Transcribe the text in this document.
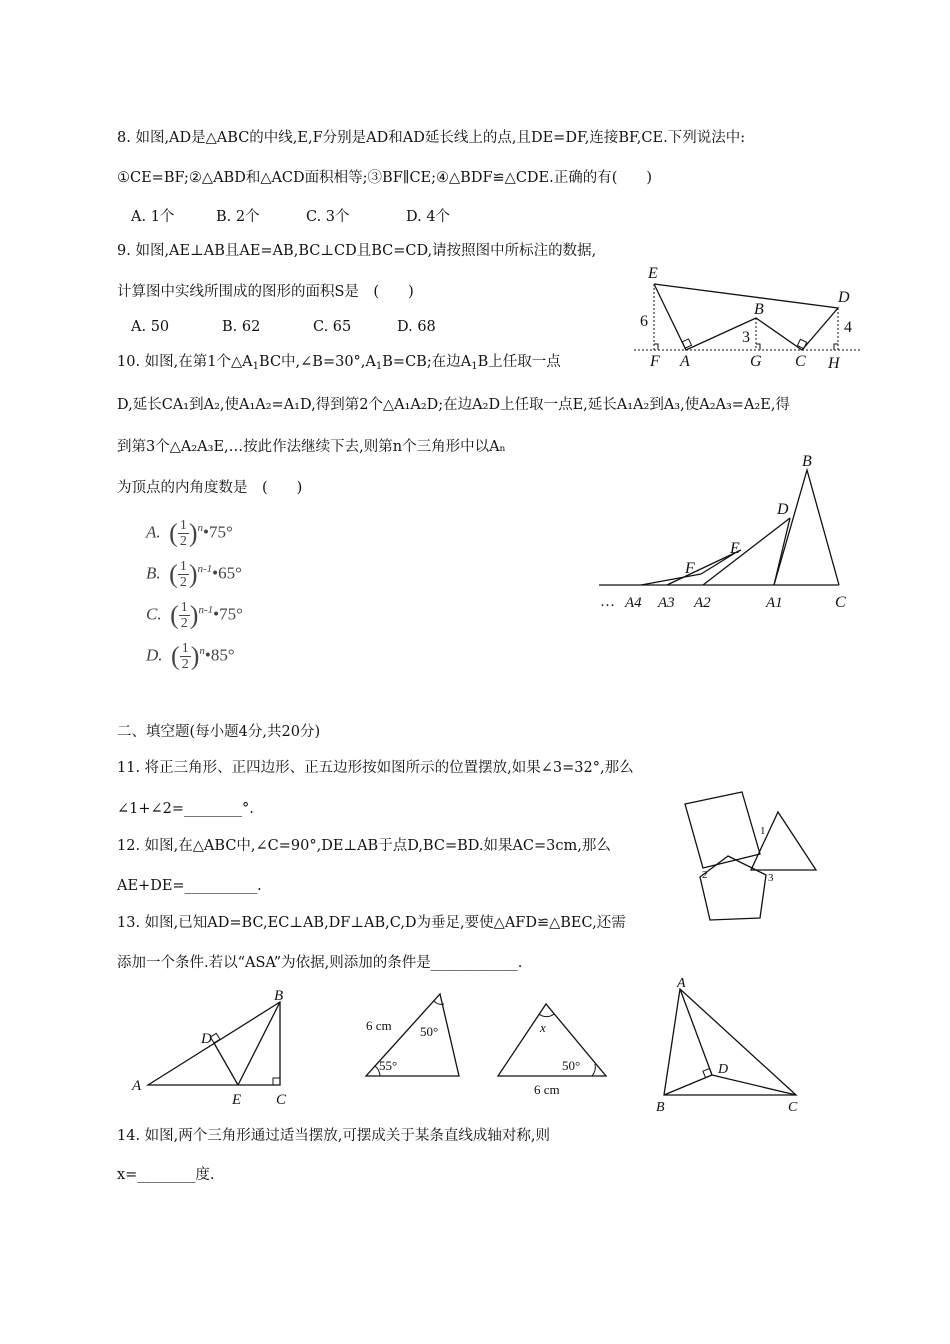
8. 如图,AD是△ABC的中线,E,F分别是AD和AD延长线上的点,且DE=DF,连接BF,CE.下列说法中:
①CE=BF;②△ABD和△ACD面积相等;③BF∥CE;④△BDF≌△CDE.正确的有(　　)
A. 1个	B. 2个	C. 3个	D. 4个
9. 如图,AE⊥AB且AE=AB,BC⊥CD且BC=CD,请按照图中所标注的数据,
计算图中实线所围成的图形的面积S是　(　　)
A. 50	B. 62	C. 65	D. 68
E
D
B
F A	G C H
6
3
4
10. 如图,在第1个$\triangle A_1BC$中$,\angle B=30^\circ,A_1B=CB$;在边$A_1B$上任取一点
D,延长CA₁到A₂,使A₁A₂=A₁D,得到第2个△A₁A₂D;在边A₂D上任取一点E,延长A₁A₂到A₃,使A₂A₃=A₂E,得
到第3个△A₂A₃E,…按此作法继续下去,则第n个三角形中以Aₙ
为顶点的内角度数是　(　　)
A. ( $\frac{1}{2}$ )$^n$•75°
B. ( $\frac{1}{2}$ )$^{n-1}$•65°
C. ( $\frac{1}{2}$ )$^{n-1}$•75°
D. ( $\frac{1}{2}$ )$^n$•85°
B
D
E
F
C
… A4 A3 A2	A1
二、填空题(每小题4分,共20分)
11. 将正三角形、正四边形、正五边形按如图所示的位置摆放,如果∠3=32°,那么
∠1+∠2=________°.
1
2	3
12. 如图,在△ABC中,∠C=90°,DE⊥AB于点D,BC=BD.如果AC=3cm,那么
AE+DE=__________.
13. 如图,已知AD=BC,EC⊥AB,DF⊥AB,C,D为垂足,要使△AFD≌△BEC,还需
添加一个条件.若以“ASA”为依据,则添加的条件是____________.
B
D
A
E C
6 cm 50°
55°
x
50°
6 cm
A
D
B	C
14. 如图,两个三角形通过适当摆放,可摆成关于某条直线成轴对称,则
x=________度.
